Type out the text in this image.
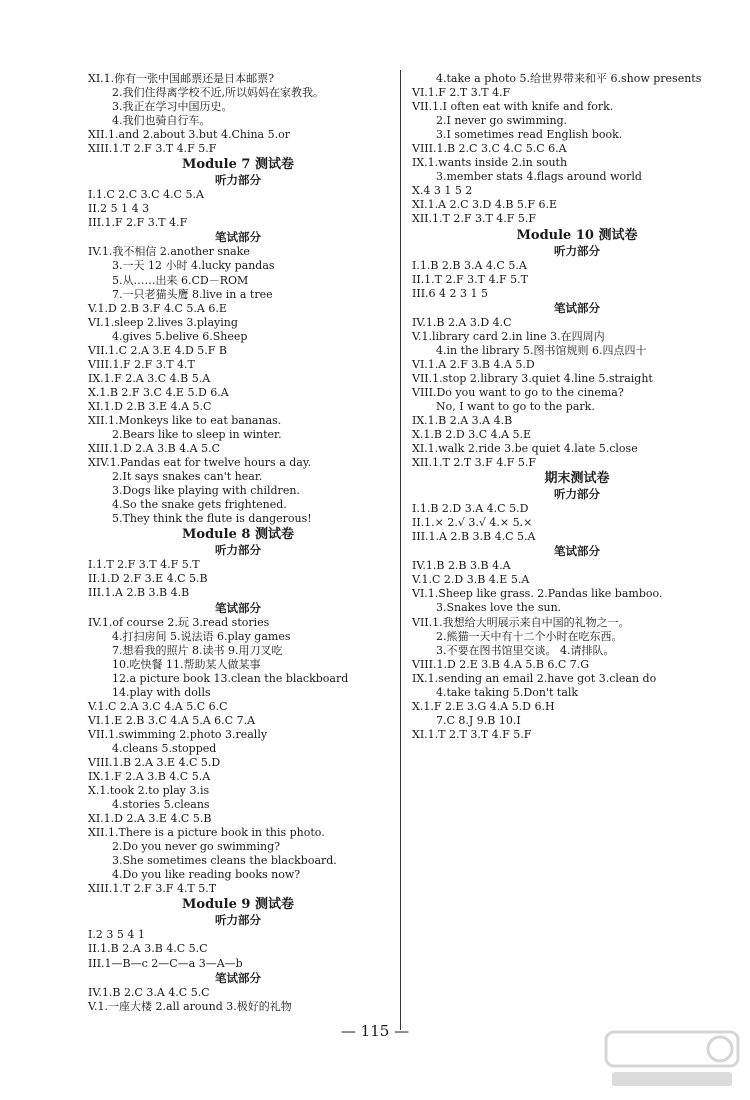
XI.1.你有一张中国邮票还是日本邮票?
2.我们住得离学校不近,所以妈妈在家教我。
3.我正在学习中国历史。
4.我们也骑自行车。
XII.1.and 2.about 3.but 4.China 5.or
XIII.1.T 2.F 3.T 4.F 5.F
Module 7 测试卷
听力部分
I.1.C 2.C 3.C 4.C 5.A
II.2 5 1 4 3
III.1.F 2.F 3.T 4.F
笔试部分
IV.1.我不相信 2.another snake
3.一天 12 小时 4.lucky pandas
5.从……出来 6.CD－ROM
7.一只老猫头鹰 8.live in a tree
V.1.D 2.B 3.F 4.C 5.A 6.E
VI.1.sleep 2.lives 3.playing
4.gives 5.belive 6.Sheep
VII.1.C 2.A 3.E 4.D 5.F B
VIII.1.F 2.F 3.T 4.T
IX.1.F 2.A 3.C 4.B 5.A
X.1.B 2.F 3.C 4.E 5.D 6.A
XI.1.D 2.B 3.E 4.A 5.C
XII.1.Monkeys like to eat bananas.
2.Bears like to sleep in winter.
XIII.1.D 2.A 3.B 4.A 5.C
XIV.1.Pandas eat for twelve hours a day.
2.It says snakes can't hear.
3.Dogs like playing with children.
4.So the snake gets frightened.
5.They think the flute is dangerous!
Module 8 测试卷
听力部分
I.1.T 2.F 3.T 4.F 5.T
II.1.D 2.F 3.E 4.C 5.B
III.1.A 2.B 3.B 4.B
笔试部分
IV.1.of course 2.玩 3.read stories
4.打扫房间 5.说法语 6.play games
7.想看我的照片 8.读书 9.用刀叉吃
10.吃快餐 11.帮助某人做某事
12.a picture book 13.clean the blackboard
14.play with dolls
V.1.C 2.A 3.C 4.A 5.C 6.C
VI.1.E 2.B 3.C 4.A 5.A 6.C 7.A
VII.1.swimming 2.photo 3.really
4.cleans 5.stopped
VIII.1.B 2.A 3.E 4.C 5.D
IX.1.F 2.A 3.B 4.C 5.A
X.1.took 2.to play 3.is
4.stories 5.cleans
XI.1.D 2.A 3.E 4.C 5.B
XII.1.There is a picture book in this photo.
2.Do you never go swimming?
3.She sometimes cleans the blackboard.
4.Do you like reading books now?
XIII.1.T 2.F 3.F 4.T 5.T
Module 9 测试卷
听力部分
I.2 3 5 4 1
II.1.B 2.A 3.B 4.C 5.C
III.1—B—c 2—C—a 3—A—b
笔试部分
IV.1.B 2.C 3.A 4.C 5.C
V.1.一座大楼 2.all around 3.极好的礼物
4.take a photo 5.给世界带来和平 6.show presents
VI.1.F 2.T 3.T 4.F
VII.1.I often eat with knife and fork.
2.I never go swimming.
3.I sometimes read English book.
VIII.1.B 2.C 3.C 4.C 5.C 6.A
IX.1.wants inside 2.in south
3.member stats 4.flags around world
X.4 3 1 5 2
XI.1.A 2.C 3.D 4.B 5.F 6.E
XII.1.T 2.F 3.T 4.F 5.F
Module 10 测试卷
听力部分
I.1.B 2.B 3.A 4.C 5.A
II.1.T 2.F 3.T 4.F 5.T
III.6 4 2 3 1 5
笔试部分
IV.1.B 2.A 3.D 4.C
V.1.library card 2.in line 3.在四周内
4.in the library 5.图书馆规则 6.四点四十
VI.1.A 2.F 3.B 4.A 5.D
VII.1.stop 2.library 3.quiet 4.line 5.straight
VIII.Do you want to go to the cinema?
No, I want to go to the park.
IX.1.B 2.A 3.A 4.B
X.1.B 2.D 3.C 4.A 5.E
XI.1.walk 2.ride 3.be quiet 4.late 5.close
XII.1.T 2.T 3.F 4.F 5.F
期末测试卷
听力部分
I.1.B 2.D 3.A 4.C 5.D
II.1.× 2.√ 3.√ 4.× 5.×
III.1.A 2.B 3.B 4.C 5.A
笔试部分
IV.1.B 2.B 3.B 4.A
V.1.C 2.D 3.B 4.E 5.A
VI.1.Sheep like grass. 2.Pandas like bamboo.
3.Snakes love the sun.
VII.1.我想给大明展示来自中国的礼物之一。
2.熊猫一天中有十二个小时在吃东西。
3.不要在图书馆里交谈。 4.请排队。
VIII.1.D 2.E 3.B 4.A 5.B 6.C 7.G
IX.1.sending an email 2.have got 3.clean do
4.take taking 5.Don't talk
X.1.F 2.E 3.G 4.A 5.D 6.H
7.C 8.J 9.B 10.I
XI.1.T 2.T 3.T 4.F 5.F
— 115 —
